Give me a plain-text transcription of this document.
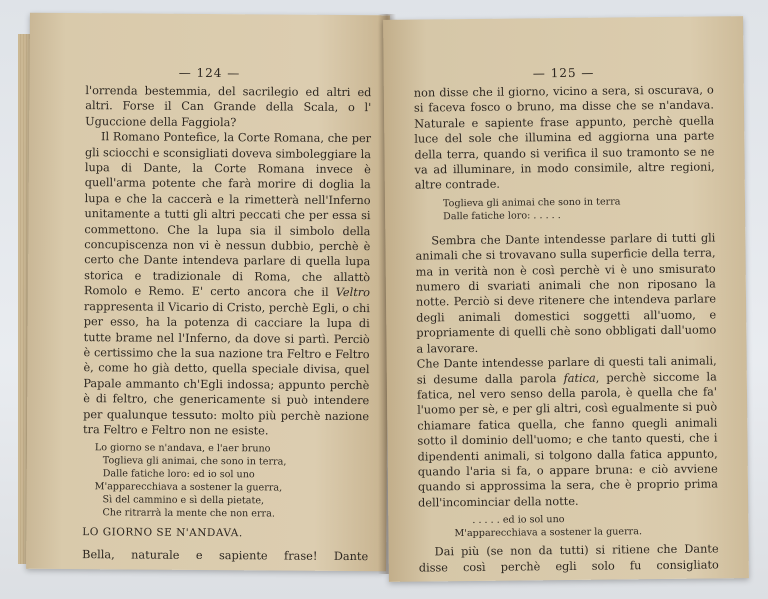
— 124 —

l'orrenda bestemmia, del sacrilegio ed altri ed altri. Forse il Can Grande della Scala, o l' Uguccione della Faggiola?

Il Romano Pontefice, la Corte Romana, che per gli sciocchi e sconsigliati doveva simboleggiare la lupa di Dante, la Corte Romana invece è quell'arma potente che farà morire di doglia la lupa e che la caccerà e la rimetterà nell'Inferno unitamente a tutti gli altri peccati che per essa si commettono. Che la lupa sia il simbolo della concupiscenza non vi è nessun dubbio, perchè è certo che Dante intendeva parlare di quella lupa storica e tradizionale di Roma, che allattò Romolo e Remo. E' certo ancora che il Veltro rappresenta il Vicario di Cristo, perchè Egli, o chi per esso, ha la potenza di cacciare la lupa di tutte brame nel l'Inferno, da dove si partì. Perciò è certissimo che la sua nazione tra Feltro e Feltro è, come ho già detto, quella speciale divisa, quel Papale ammanto ch'Egli indossa; appunto perchè è di feltro, che genericamente si può intendere per qualunque tessuto: molto più perchè nazione tra Feltro e Feltro non ne esiste.

Lo giorno se n'andava, e l'aer bruno
Toglieva gli animai, che sono in terra,
Dalle fatiche loro: ed io sol uno
M'apparecchiava a sostener la guerra,
Sì del cammino e sì della pietate,
Che ritrarrà la mente che non erra.

LO GIORNO SE N'ANDAVA.

Bella, naturale e sapiente frase! Dante

— 125 —

non disse che il giorno, vicino a sera, si oscurava, o si faceva fosco o bruno, ma disse che se n'andava. Naturale e sapiente frase appunto, perchè quella luce del sole che illumina ed aggiorna una parte della terra, quando si verifica il suo tramonto se ne va ad illuminare, in modo consimile, altre regioni, altre contrade.

Toglieva gli animai che sono in terra
Dalle fatiche loro: . . . . .

Sembra che Dante intendesse parlare di tutti gli animali che si trovavano sulla superficie della terra, ma in verità non è così perchè vi è uno smisurato numero di svariati animali che non riposano la notte. Perciò si deve ritenere che intendeva parlare degli animali domestici soggetti all'uomo, e propriamente di quelli chè sono obbligati dall'uomo a lavorare.

Che Dante intendesse parlare di questi tali animali, si desume dalla parola fatica, perchè siccome la fatica, nel vero senso della parola, è quella che fa' l'uomo per sè, e per gli altri, così egualmente si può chiamare fatica quella, che fanno quegli animali sotto il dominio dell'uomo; e che tanto questi, che i dipendenti animali, si tolgono dalla fatica appunto, quando l'aria si fa, o appare bruna: e ciò avviene quando si approssima la sera, che è proprio prima dell'incominciar della notte.

. . . . . ed io sol uno
M'apparecchiava a sostener la guerra.

Dai più (se non da tutti) si ritiene che Dante disse così perchè egli solo fu consigliato
